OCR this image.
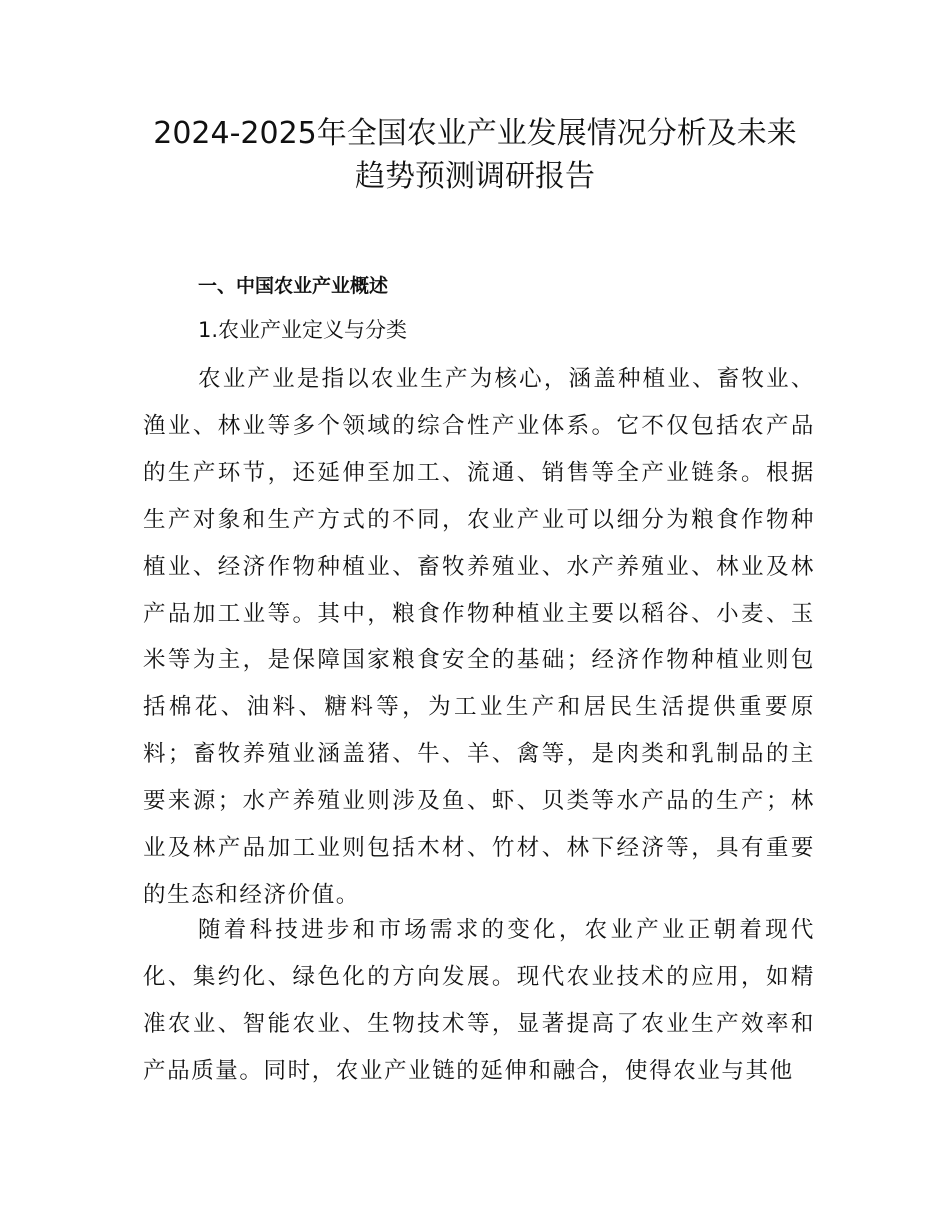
2024-2025年全国农业产业发展情况分析及未来
趋势预测调研报告
一、中国农业产业概述
1.农业产业定义与分类

农业产业是指以农业生产为核心，涵盖种植业、畜牧业、渔业、林业等多个领域的综合性产业体系。它不仅包括农产品的生产环节，还延伸至加工、流通、销售等全产业链条。根据生产对象和生产方式的不同，农业产业可以细分为粮食作物种植业、经济作物种植业、畜牧养殖业、水产养殖业、林业及林产品加工业等。其中，粮食作物种植业主要以稻谷、小麦、玉米等为主，是保障国家粮食安全的基础；经济作物种植业则包括棉花、油料、糖料等，为工业生产和居民生活提供重要原料；畜牧养殖业涵盖猪、牛、羊、禽等，是肉类和乳制品的主要来源；水产养殖业则涉及鱼、虾、贝类等水产品的生产；林业及林产品加工业则包括木材、竹材、林下经济等，具有重要的生态和经济价值。

随着科技进步和市场需求的变化，农业产业正朝着现代化、集约化、绿色化的方向发展。现代农业技术的应用，如精准农业、智能农业、生物技术等，显著提高了农业生产效率和产品质量。同时，农业产业链的延伸和融合，使得农业与其他
